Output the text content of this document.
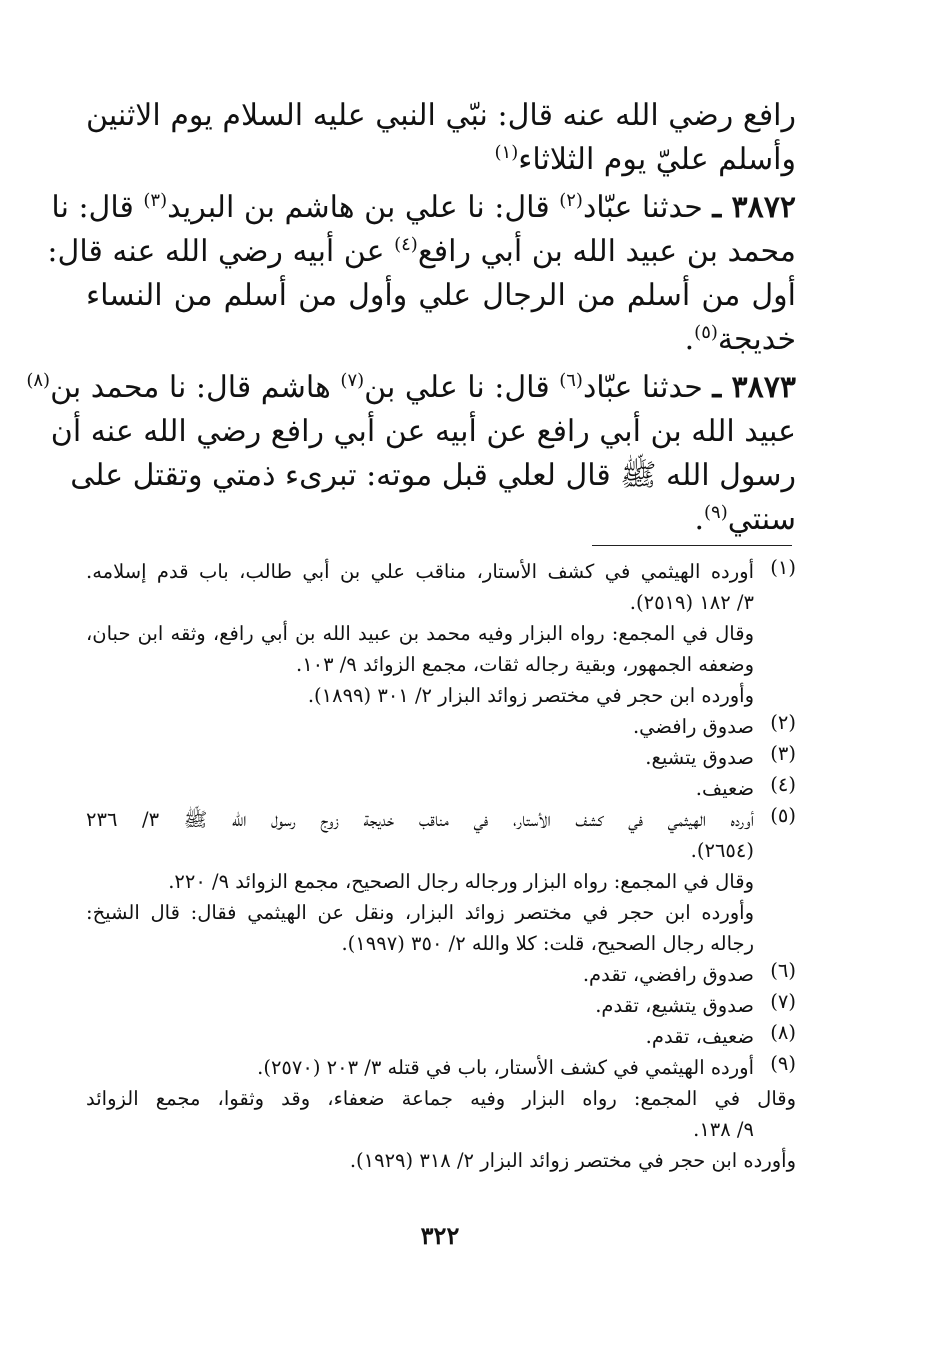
رافع رضي الله عنه قال: نبّي النبي عليه السلام يوم الاثنين
وأسلم عليّ يوم الثلاثاء$^{(١)}$
٣٨٧٢ ـ حدثنا عبّاد$^{(٢)}$ قال: نا علي بن هاشم بن البريد$^{(٣)}$ قال: نا
محمد بن عبيد الله بن أبي رافع$^{(٤)}$ عن أبيه رضي الله عنه قال:
أول من أسلم من الرجال علي وأول من أسلم من النساء
خديجة$^{(٥)}$.
٣٨٧٣ ـ حدثنا عبّاد$^{(٦)}$ قال: نا علي بن$^{(٧)}$ هاشم قال: نا محمد بن$^{(٨)}$
عبيد الله بن أبي رافع عن أبيه عن أبي رافع رضي الله عنه أن
رسول الله ﷺ قال لعلي قبل موته: تبرىء ذمتي وتقتل على
سنتي$^{(٩)}$.
(١)
أورده الهيثمي في كشف الأستار، مناقب علي بن أبي طالب، باب قدم إسلامه.
٣/ ١٨٢ (٢٥١٩).
وقال في المجمع: رواه البزار وفيه محمد بن عبيد الله بن أبي رافع، وثقه ابن حبان،
وضعفه الجمهور، وبقية رجاله ثقات، مجمع الزوائد ٩/ ١٠٣.
وأورده ابن حجر في مختصر زوائد البزار ٢/ ٣٠١ (١٨٩٩).
(٢)
صدوق رافضي.
(٣)
صدوق يتشيع.
(٤)
ضعيف.
(٥)
أورده الهيثمي في كشف الأستار، في مناقب خديجة زوج رسول الله ﷺ ٣/ ٢٣٦
(٢٦٥٤).
وقال في المجمع: رواه البزار ورجاله رجال الصحيح، مجمع الزوائد ٩/ ٢٢٠.
وأورده ابن حجر في مختصر زوائد البزار، ونقل عن الهيثمي فقال: قال الشيخ:
رجاله رجال الصحيح، قلت: كلا والله ٢/ ٣٥٠ (١٩٩٧).
(٦)
صدوق رافضي، تقدم.
(٧)
صدوق يتشيع، تقدم.
(٨)
ضعيف، تقدم.
(٩)
أورده الهيثمي في كشف الأستار، باب في قتله ٣/ ٢٠٣ (٢٥٧٠).
وقال في المجمع: رواه البزار وفيه جماعة ضعفاء، وقد وثقوا، مجمع الزوائد
٩/ ١٣٨.
وأورده ابن حجر في مختصر زوائد البزار ٢/ ٣١٨ (١٩٢٩).
٣٢٢
